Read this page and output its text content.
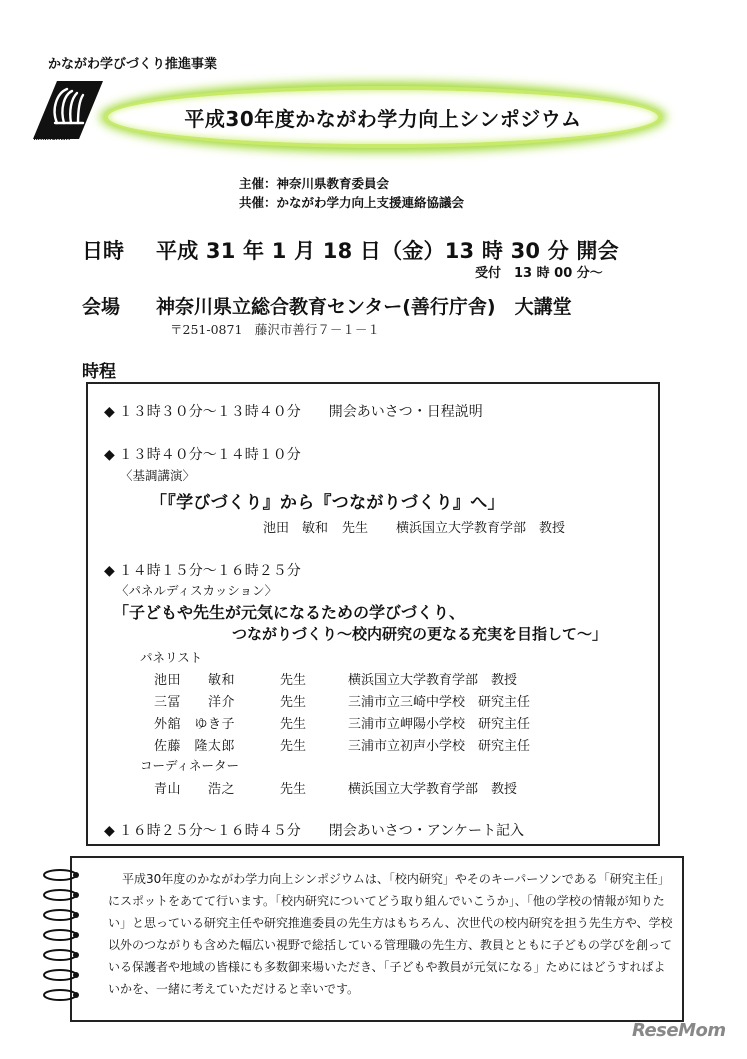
かながわ学びづくり推進事業
KANAGAWA
平成30年度かながわ学力向上シンポジウム
主催：神奈川県教育委員会
共催：かながわ学力向上支援連絡協議会
日時 平成 31 年 1 月 18 日（金）13 時 30 分 開会
受付　13 時 00 分～
会場 神奈川県立総合教育センター(善行庁舎)　大講堂
〒251-0871　藤沢市善行７－１－１
時程
◆ １３時３０分～１３時４０分　　開会あいさつ・日程説明
◆ １３時４０分～１４時１０分
〈基調講演〉
「『学びづくり』から『つながりづくり』へ」
池田　敏和 先生 横浜国立大学教育学部　教授
◆ １４時１５分～１６時２５分
〈パネルディスカッション〉
「子どもや先生が元気になるための学びづくり、
つながりづくり～校内研究の更なる充実を目指して～」
パネリスト
池田　　敏和	先生	横浜国立大学教育学部　教授
三冨　　洋介	先生	三浦市立三崎中学校　研究主任
外舘　ゆき子	先生	三浦市立岬陽小学校　研究主任
佐藤　隆太郎	先生	三浦市立初声小学校　研究主任
コーディネーター
青山　　浩之	先生	横浜国立大学教育学部　教授
◆ １６時２５分～１６時４５分　　閉会あいさつ・アンケート記入
平成30年度のかながわ学力向上シンポジウムは、「校内研究」やそのキーパーソンである「研究主任」にスポットをあてて行います。「校内研究についてどう取り組んでいこうか」、「他の学校の情報が知りたい」と思っている研究主任や研究推進委員の先生方はもちろん、次世代の校内研究を担う先生方や、学校以外のつながりも含めた幅広い視野で総括している管理職の先生方、教員とともに子どもの学びを創っている保護者や地域の皆様にも多数御来場いただき、「子どもや教員が元気になる」ためにはどうすればよいかを、一緒に考えていただけると幸いです。
ReseMom
